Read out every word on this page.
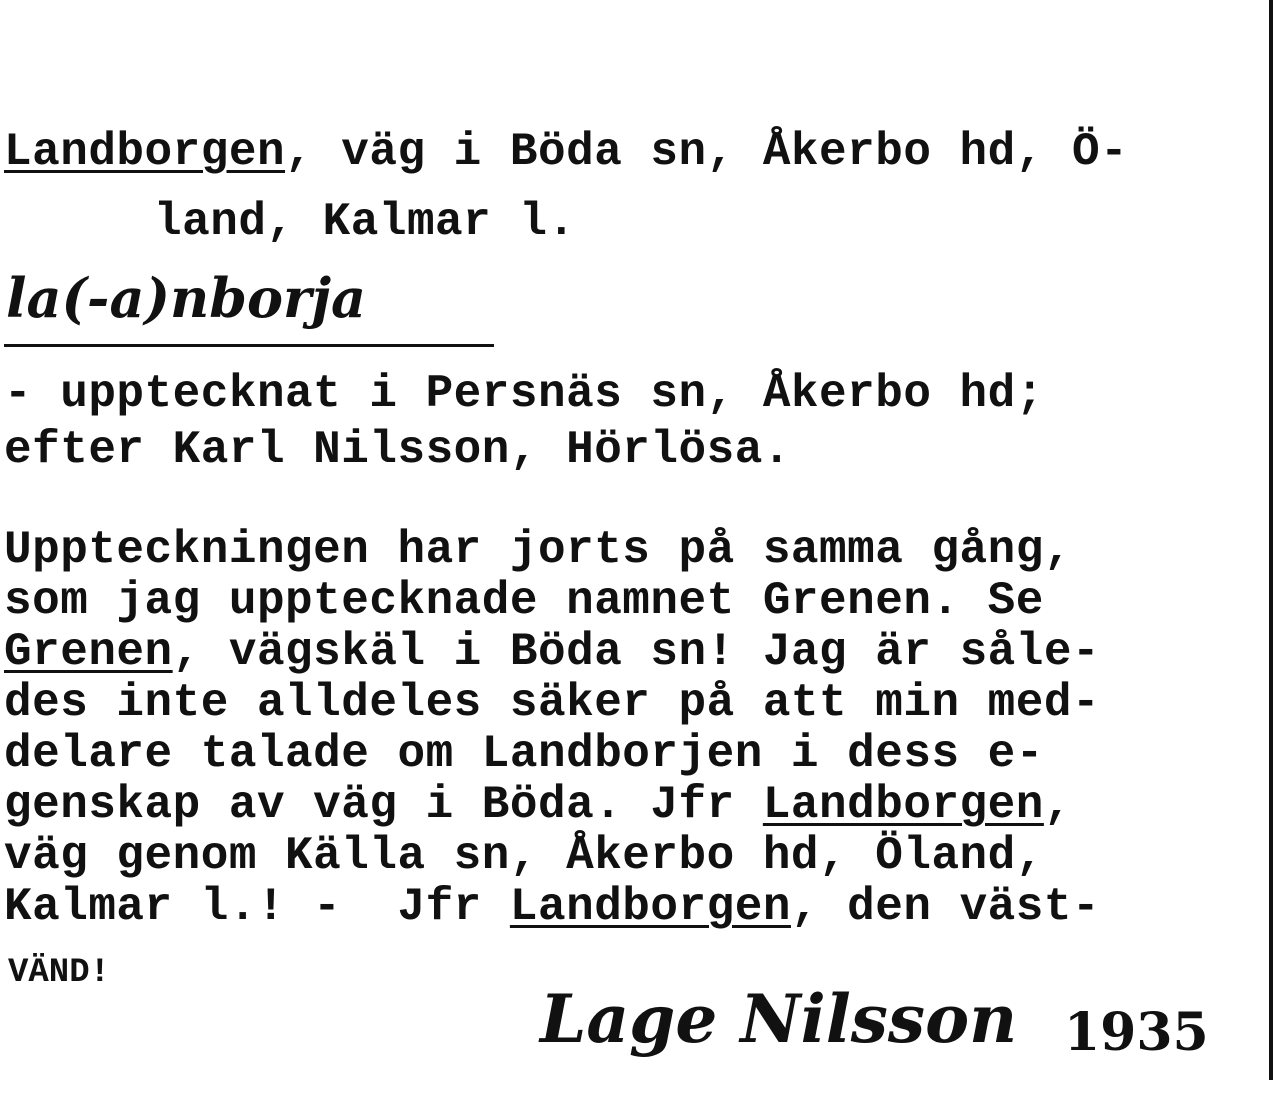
Landborgen, väg i Böda sn, Åkerbo hd, Ö-
land, Kalmar l.
la(-a)nborja
- upptecknat i Persnäs sn, Åkerbo hd;
efter Karl Nilsson, Hörlösa.
Uppteckningen har jorts på samma gång,
som jag upptecknade namnet Grenen. Se
Grenen, vägskäl i Böda sn! Jag är såle-
des inte alldeles säker på att min med-
delare talade om Landborjen i dess e-
genskap av väg i Böda. Jfr Landborgen,
väg genom Källa sn, Åkerbo hd, Öland,
Kalmar l.! -  Jfr Landborgen, den väst-
VÄND!
Lage Nilsson 1935
